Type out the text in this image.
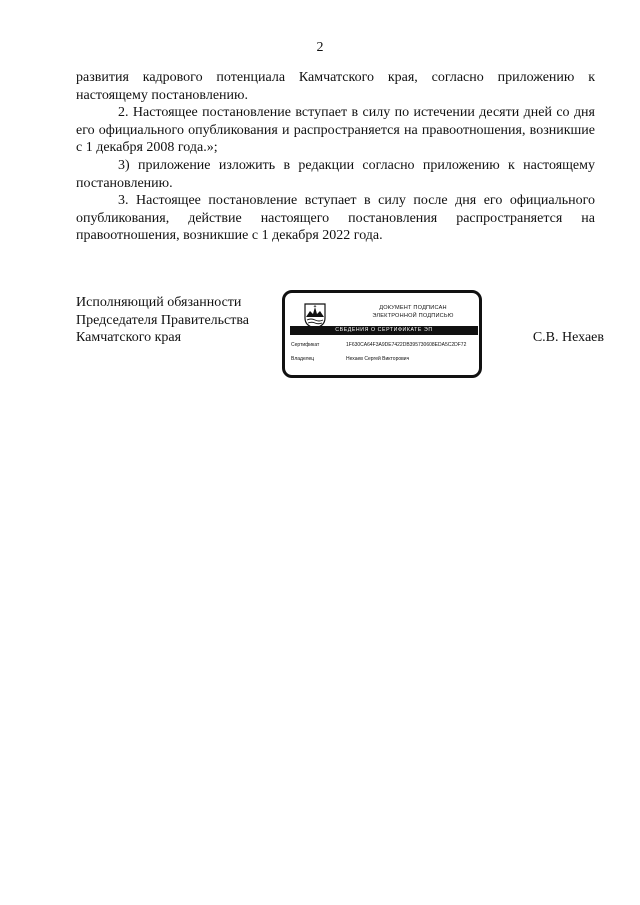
2

развития кадрового потенциала Камчатского края, согласно приложению к

настоящему постановлению.

2. Настоящее постановление вступает в силу по истечении десяти дней со дня его официального опубликования и распространяется на правоотношения, возникшие с 1 декабря 2008 года.»;

3) приложение изложить в редакции согласно приложению к настоящему постановлению.

3. Настоящее постановление вступает в силу после дня его официального опубликования, действие настоящего постановления распространяется на правоотношения, возникшие с 1 декабря 2022 года.

Исполняющий обязанности
Председателя Правительства
Камчатского края
ДОКУМЕНТ ПОДПИСАН
ЭЛЕКТРОННОЙ ПОДПИСЬЮ
СВЕДЕНИЯ О СЕРТИФИКАТЕ ЭП
Сертификат	1F630CA64F3A9DE7422DB395730608EDA5C2DF72
Владелец	Нехаев Сергей Викторович
С.В. Нехаев
